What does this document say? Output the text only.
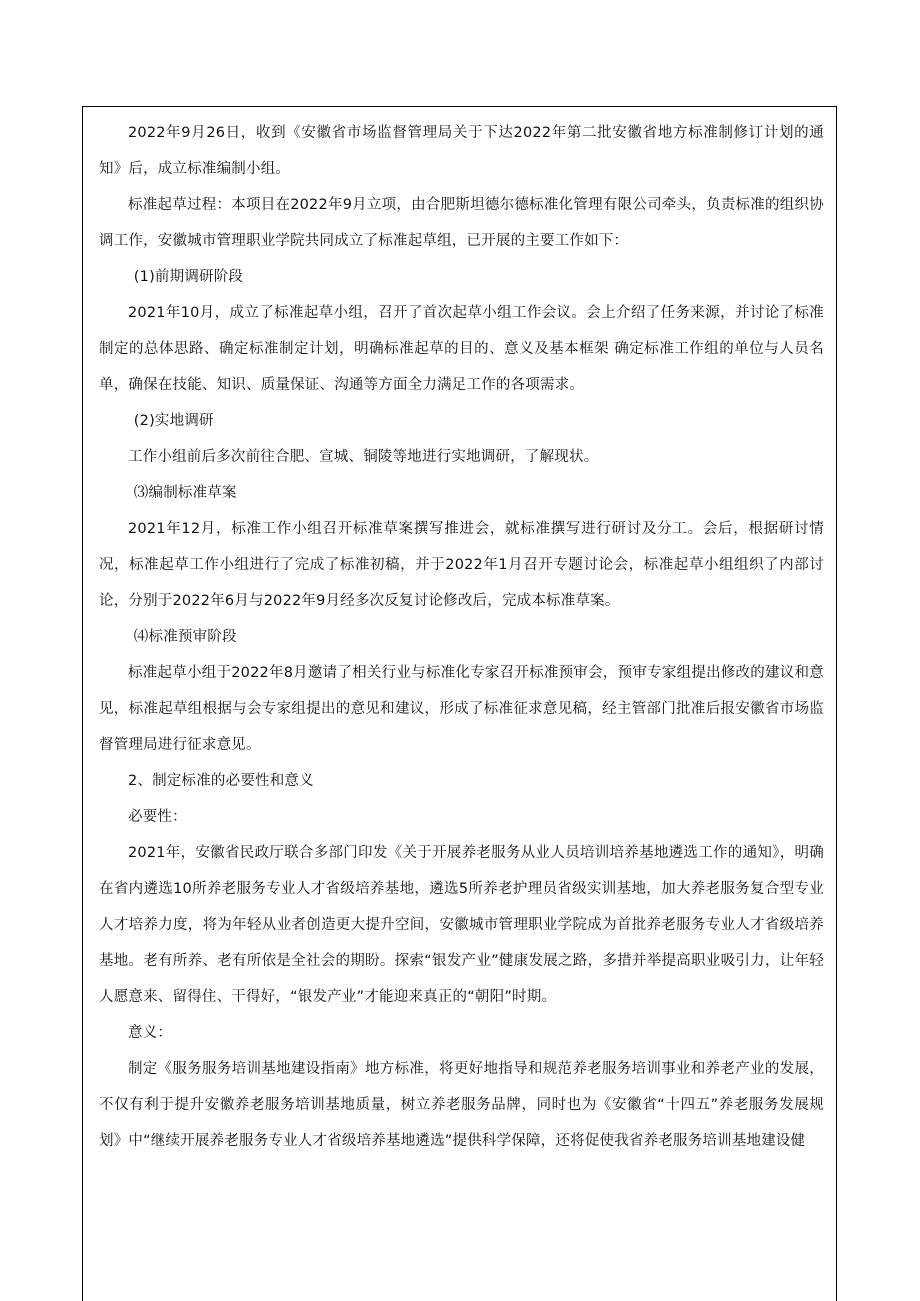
2022年9月26日，收到《安徽省市场监督管理局关于下达2022年第二批安徽省地方标准制修订计划的通知》后，成立标准编制小组。

标准起草过程：本项目在2022年9月立项，由合肥斯坦德尔德标准化管理有限公司牵头，负责标准的组织协调工作，安徽城市管理职业学院共同成立了标准起草组，已开展的主要工作如下：

(1)前期调研阶段

2021年10月，成立了标准起草小组，召开了首次起草小组工作会议。会上介绍了任务来源，并讨论了标准制定的总体思路、确定标准制定计划，明确标准起草的目的、意义及基本框架 确定标准工作组的单位与人员名单，确保在技能、知识、质量保证、沟通等方面全力满足工作的各项需求。

(2)实地调研

工作小组前后多次前往合肥、宣城、铜陵等地进行实地调研，了解现状。

⑶编制标准草案

2021年12月，标准工作小组召开标准草案撰写推进会，就标准撰写进行研讨及分工。会后，根据研讨情况，标准起草工作小组进行了完成了标准初稿，并于2022年1月召开专题讨论会，标准起草小组组织了内部讨论，分别于2022年6月与2022年9月经多次反复讨论修改后，完成本标准草案。

⑷标准预审阶段

标准起草小组于2022年8月邀请了相关行业与标准化专家召开标准预审会，预审专家组提出修改的建议和意见，标准起草组根据与会专家组提出的意见和建议，形成了标准征求意见稿，经主管部门批准后报安徽省市场监督管理局进行征求意见。

2、制定标准的必要性和意义

必要性：

2021年，安徽省民政厅联合多部门印发《关于开展养老服务从业人员培训培养基地遴选工作的通知》，明确在省内遴选10所养老服务专业人才省级培养基地，遴选5所养老护理员省级实训基地，加大养老服务复合型专业人才培养力度，将为年轻从业者创造更大提升空间，安徽城市管理职业学院成为首批养老服务专业人才省级培养基地。老有所养、老有所依是全社会的期盼。探索“银发产业”健康发展之路，多措并举提高职业吸引力，让年轻人愿意来、留得住、干得好，“银发产业”才能迎来真正的“朝阳”时期。

意义：

制定《服务服务培训基地建设指南》地方标准，将更好地指导和规范养老服务培训事业和养老产业的发展，不仅有利于提升安徽养老服务培训基地质量，树立养老服务品牌，同时也为《安徽省“十四五”养老服务发展规划》中“继续开展养老服务专业人才省级培养基地遴选”提供科学保障，还将促使我省养老服务培训基地建设健
